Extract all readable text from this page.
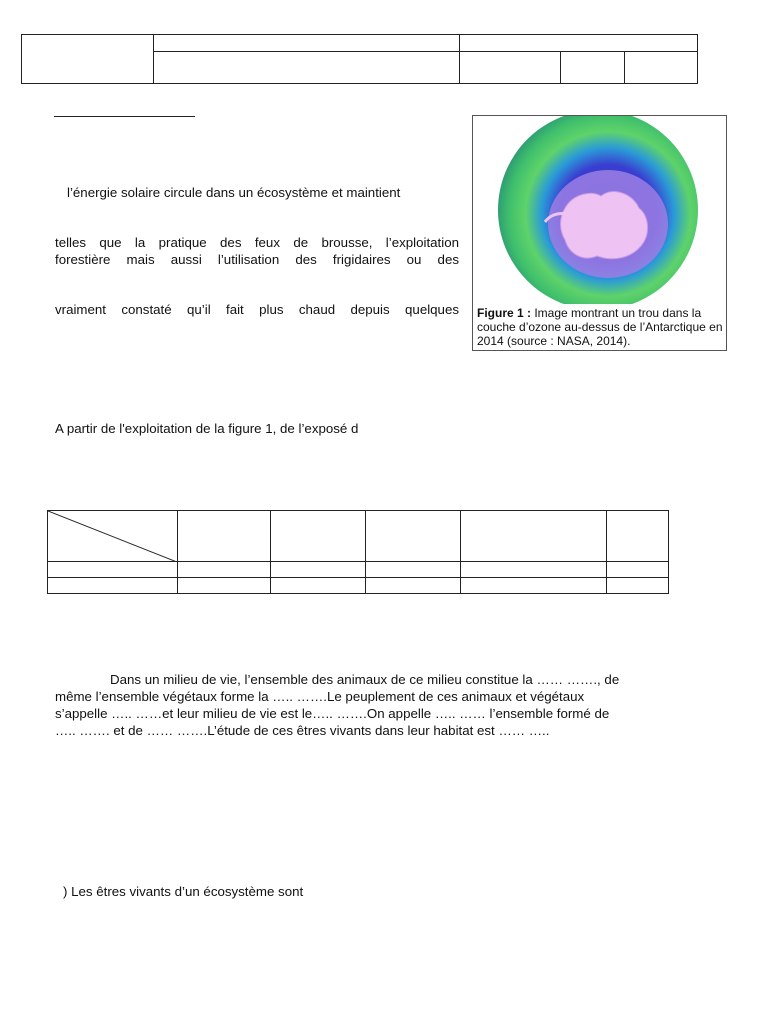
l’énergie solaire circule dans un écosystème et maintient
telles que la pratique des feux de brousse, l’exploitation
forestière mais aussi l’utilisation des frigidaires ou des
vraiment constaté qu’il fait plus chaud depuis quelques Figure 1 : Image montrant un trou dans la couche d’ozone au-dessus de l’Antarctique en 2014 (source : NASA, 2014).
A partir de l'exploitation de la figure 1, de l’exposé d

Dans un milieu de vie, l’ensemble des animaux de ce milieu constitue la …… ……., de
même l’ensemble végétaux forme la ….. …….Le peuplement de ces animaux et végétaux
s’appelle ….. ……et leur milieu de vie est le….. …….On appelle ….. …… l’ensemble formé de
….. ……. et de …… …….L’étude de ces êtres vivants dans leur habitat est …… …..
) Les êtres vivants d’un écosystème sont
